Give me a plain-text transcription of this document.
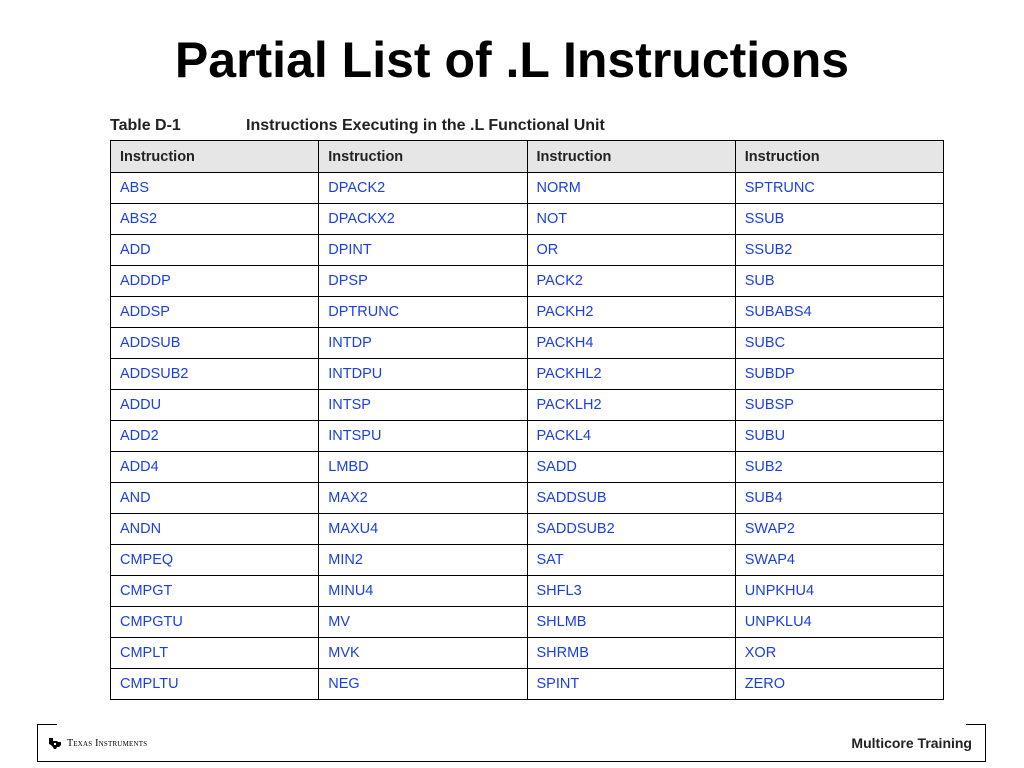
Partial List of .L Instructions
Table D-1	Instructions Executing in the .L Functional Unit
Instruction	Instruction	Instruction	Instruction
ABS	DPACK2	NORM	SPTRUNC
ABS2	DPACKX2	NOT	SSUB
ADD	DPINT	OR	SSUB2
ADDDP	DPSP	PACK2	SUB
ADDSP	DPTRUNC	PACKH2	SUBABS4
ADDSUB	INTDP	PACKH4	SUBC
ADDSUB2	INTDPU	PACKHL2	SUBDP
ADDU	INTSP	PACKLH2	SUBSP
ADD2	INTSPU	PACKL4	SUBU
ADD4	LMBD	SADD	SUB2
AND	MAX2	SADDSUB	SUB4
ANDN	MAXU4	SADDSUB2	SWAP2
CMPEQ	MIN2	SAT	SWAP4
CMPGT	MINU4	SHFL3	UNPKHU4
CMPGTU	MV	SHLMB	UNPKLU4
CMPLT	MVK	SHRMB	XOR
CMPLTU	NEG	SPINT	ZERO
Texas Instruments	Multicore Training
